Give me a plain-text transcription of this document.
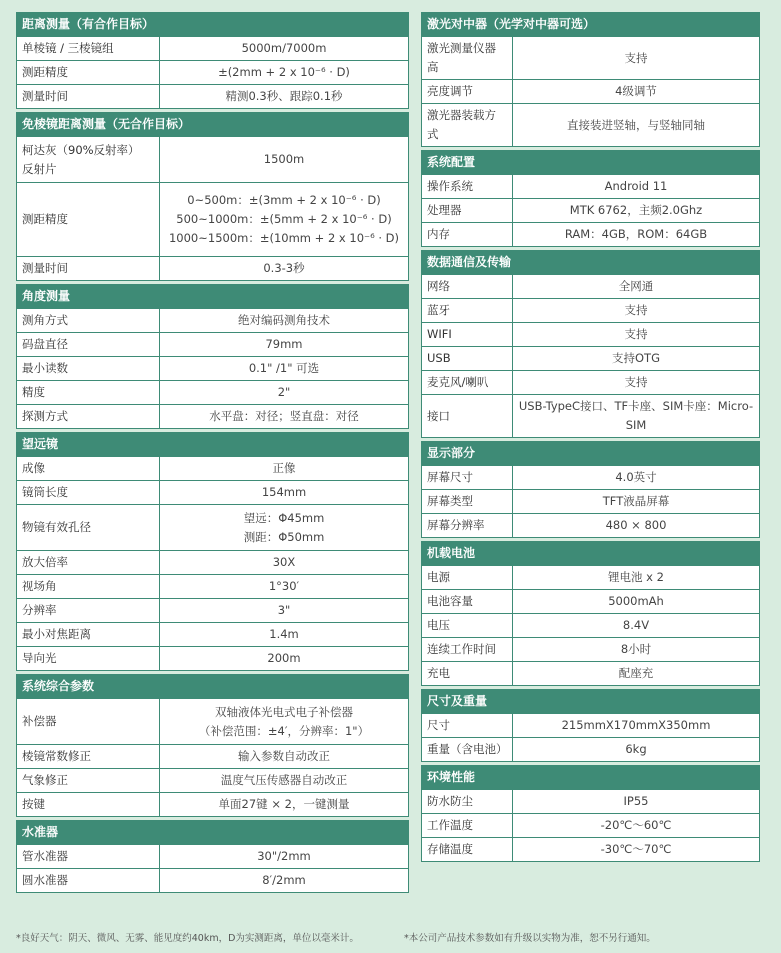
距离测量（有合作目标）
单棱镜 / 三棱镜组	5000m/7000m

测距精度	±(2mm + 2 x 10⁻⁶ · D)

测量时间	精测0.3秒、跟踪0.1秒
免棱镜距离测量（无合作目标）
柯达灰（90%反射率）
反射片	1500m

测距精度	0~500m：±(3mm + 2 x 10⁻⁶ · D)
500~1000m：±(5mm + 2 x 10⁻⁶ · D)
1000~1500m：±(10mm + 2 x 10⁻⁶ · D)

测量时间	0.3-3秒
角度测量
测角方式	绝对编码测角技术

码盘直径	79mm

最小读数	0.1" /1" 可选

精度	2"

探测方式	水平盘：对径；竖直盘：对径
望远镜
成像	正像

镜筒长度	154mm

物镜有效孔径	望远：Φ45mm
测距：Φ50mm

放大倍率	30X

视场角	1°30′

分辨率	3"

最小对焦距离	1.4m

导向光	200m
系统综合参数
补偿器	双轴液体光电式电子补偿器
（补偿范围：±4′，分辨率：1"）

棱镜常数修正	输入参数自动改正

气象修正	温度气压传感器自动改正

按键	单面27键 × 2，一键测量
水准器
管水准器	30"/2mm

圆水准器	8′/2mm
激光对中器（光学对中器可选）
激光测量仪器高	支持

亮度调节	4级调节

激光器装载方式	直接装进竖轴，与竖轴同轴
系统配置
操作系统	Android 11

处理器	MTK 6762，主频2.0Ghz

内存	RAM：4GB，ROM：64GB
数据通信及传输
网络	全网通

蓝牙	支持

WIFI	支持

USB	支持OTG

麦克风/喇叭	支持

接口	USB-TypeC接口、TF卡座、SIM卡座：Micro-SIM
显示部分
屏幕尺寸	4.0英寸

屏幕类型	TFT液晶屏幕

屏幕分辨率	480 × 800
机载电池
电源	锂电池 x 2

电池容量	5000mAh

电压	8.4V

连续工作时间	8小时

充电	配座充
尺寸及重量
尺寸	215mmX170mmX350mm

重量（含电池）	6kg
环境性能
防水防尘	IP55

工作温度	-20℃～60℃

存储温度	-30℃～70℃
*良好天气：阴天、微风、无雾、能见度约40km，D为实测距离，单位以毫米计。	*本公司产品技术参数如有升级以实物为准，恕不另行通知。
